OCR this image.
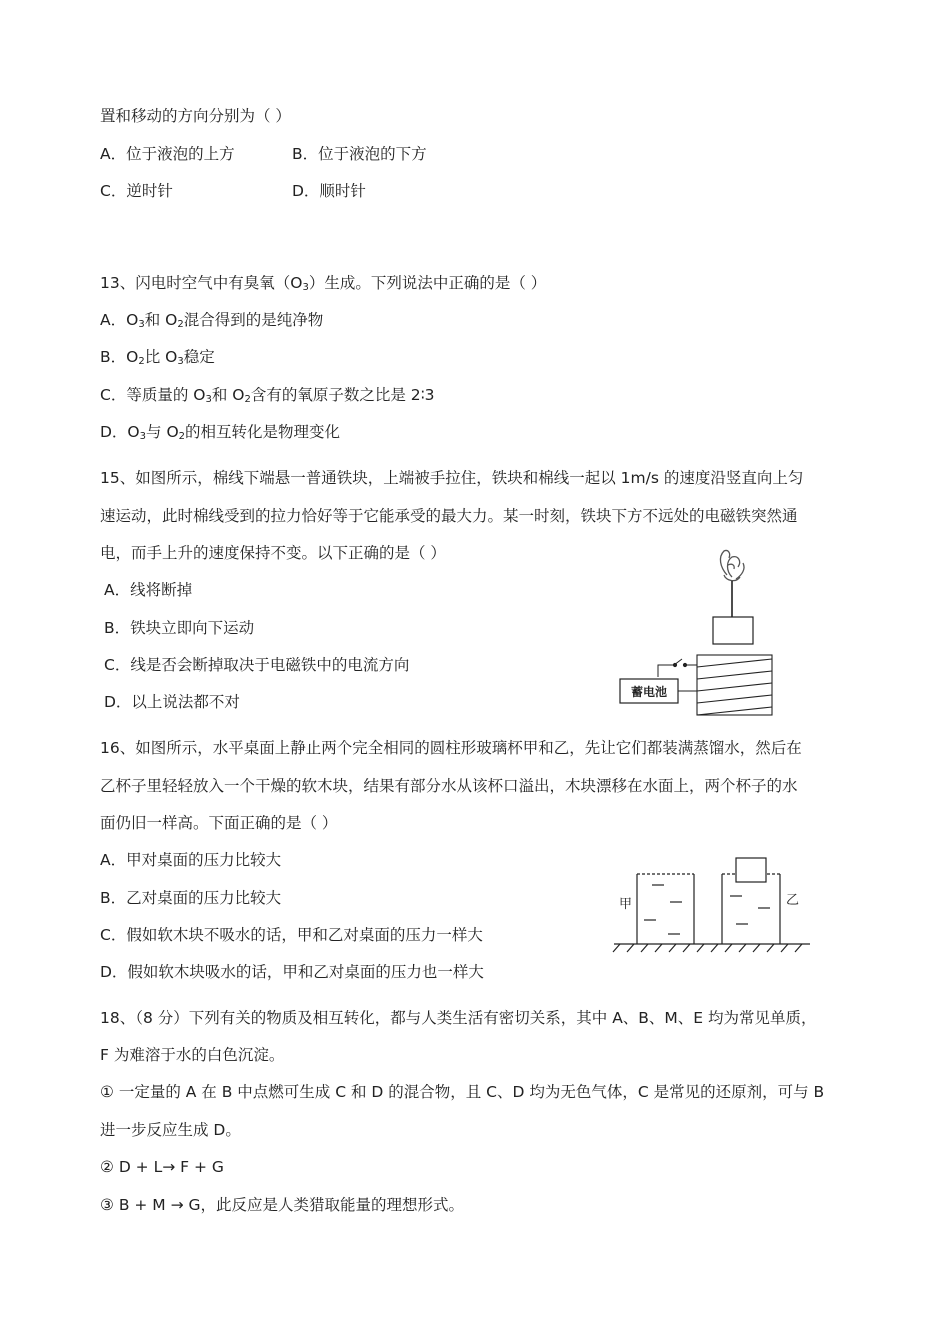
置和移动的方向分别为（ ）
A．位于液泡的上方	B．位于液泡的下方
C．逆时针	D．顺时针
13、闪电时空气中有臭氧$(O_3)$生成。下列说法中正确的是（ ）
A．$O_3$和 $O_2$混合得到的是纯净物
B．$O_2$比 $O_3$稳定
C．等质量的 $O_3$和 $O_2$含有的氧原子数之比是 2∶3
D．$O_3$与 $O_2$的相互转化是物理变化
15、如图所示，棉线下端悬一普通铁块，上端被手拉住，铁块和棉线一起以 1m/s 的速度沿竖直向上匀
速运动，此时棉线受到的拉力恰好等于它能承受的最大力。某一时刻，铁块下方不远处的电磁铁突然通
电，而手上升的速度保持不变。以下正确的是（ ）
A．线将断掉
B．铁块立即向下运动
C．线是否会断掉取决于电磁铁中的电流方向
D．以上说法都不对
蓄电池
16、如图所示，水平桌面上静止两个完全相同的圆柱形玻璃杯甲和乙，先让它们都装满蒸馏水，然后在
乙杯子里轻轻放入一个干燥的软木块，结果有部分水从该杯口溢出，木块漂移在水面上，两个杯子的水
面仍旧一样高。下面正确的是（ ）
A．甲对桌面的压力比较大
B．乙对桌面的压力比较大
C．假如软木块不吸水的话，甲和乙对桌面的压力一样大
D．假如软木块吸水的话，甲和乙对桌面的压力也一样大
甲	乙
18、（8 分）下列有关的物质及相互转化，都与人类生活有密切关系，其中 A、B、M、E 均为常见单质，
F 为难溶于水的白色沉淀。
① 一定量的 A 在 B 中点燃可生成 C 和 D 的混合物，且 C、D 均为无色气体，C 是常见的还原剂，可与 B
进一步反应生成 D。
② D + L→ F + G
③ B + M → G，此反应是人类猎取能量的理想形式。
